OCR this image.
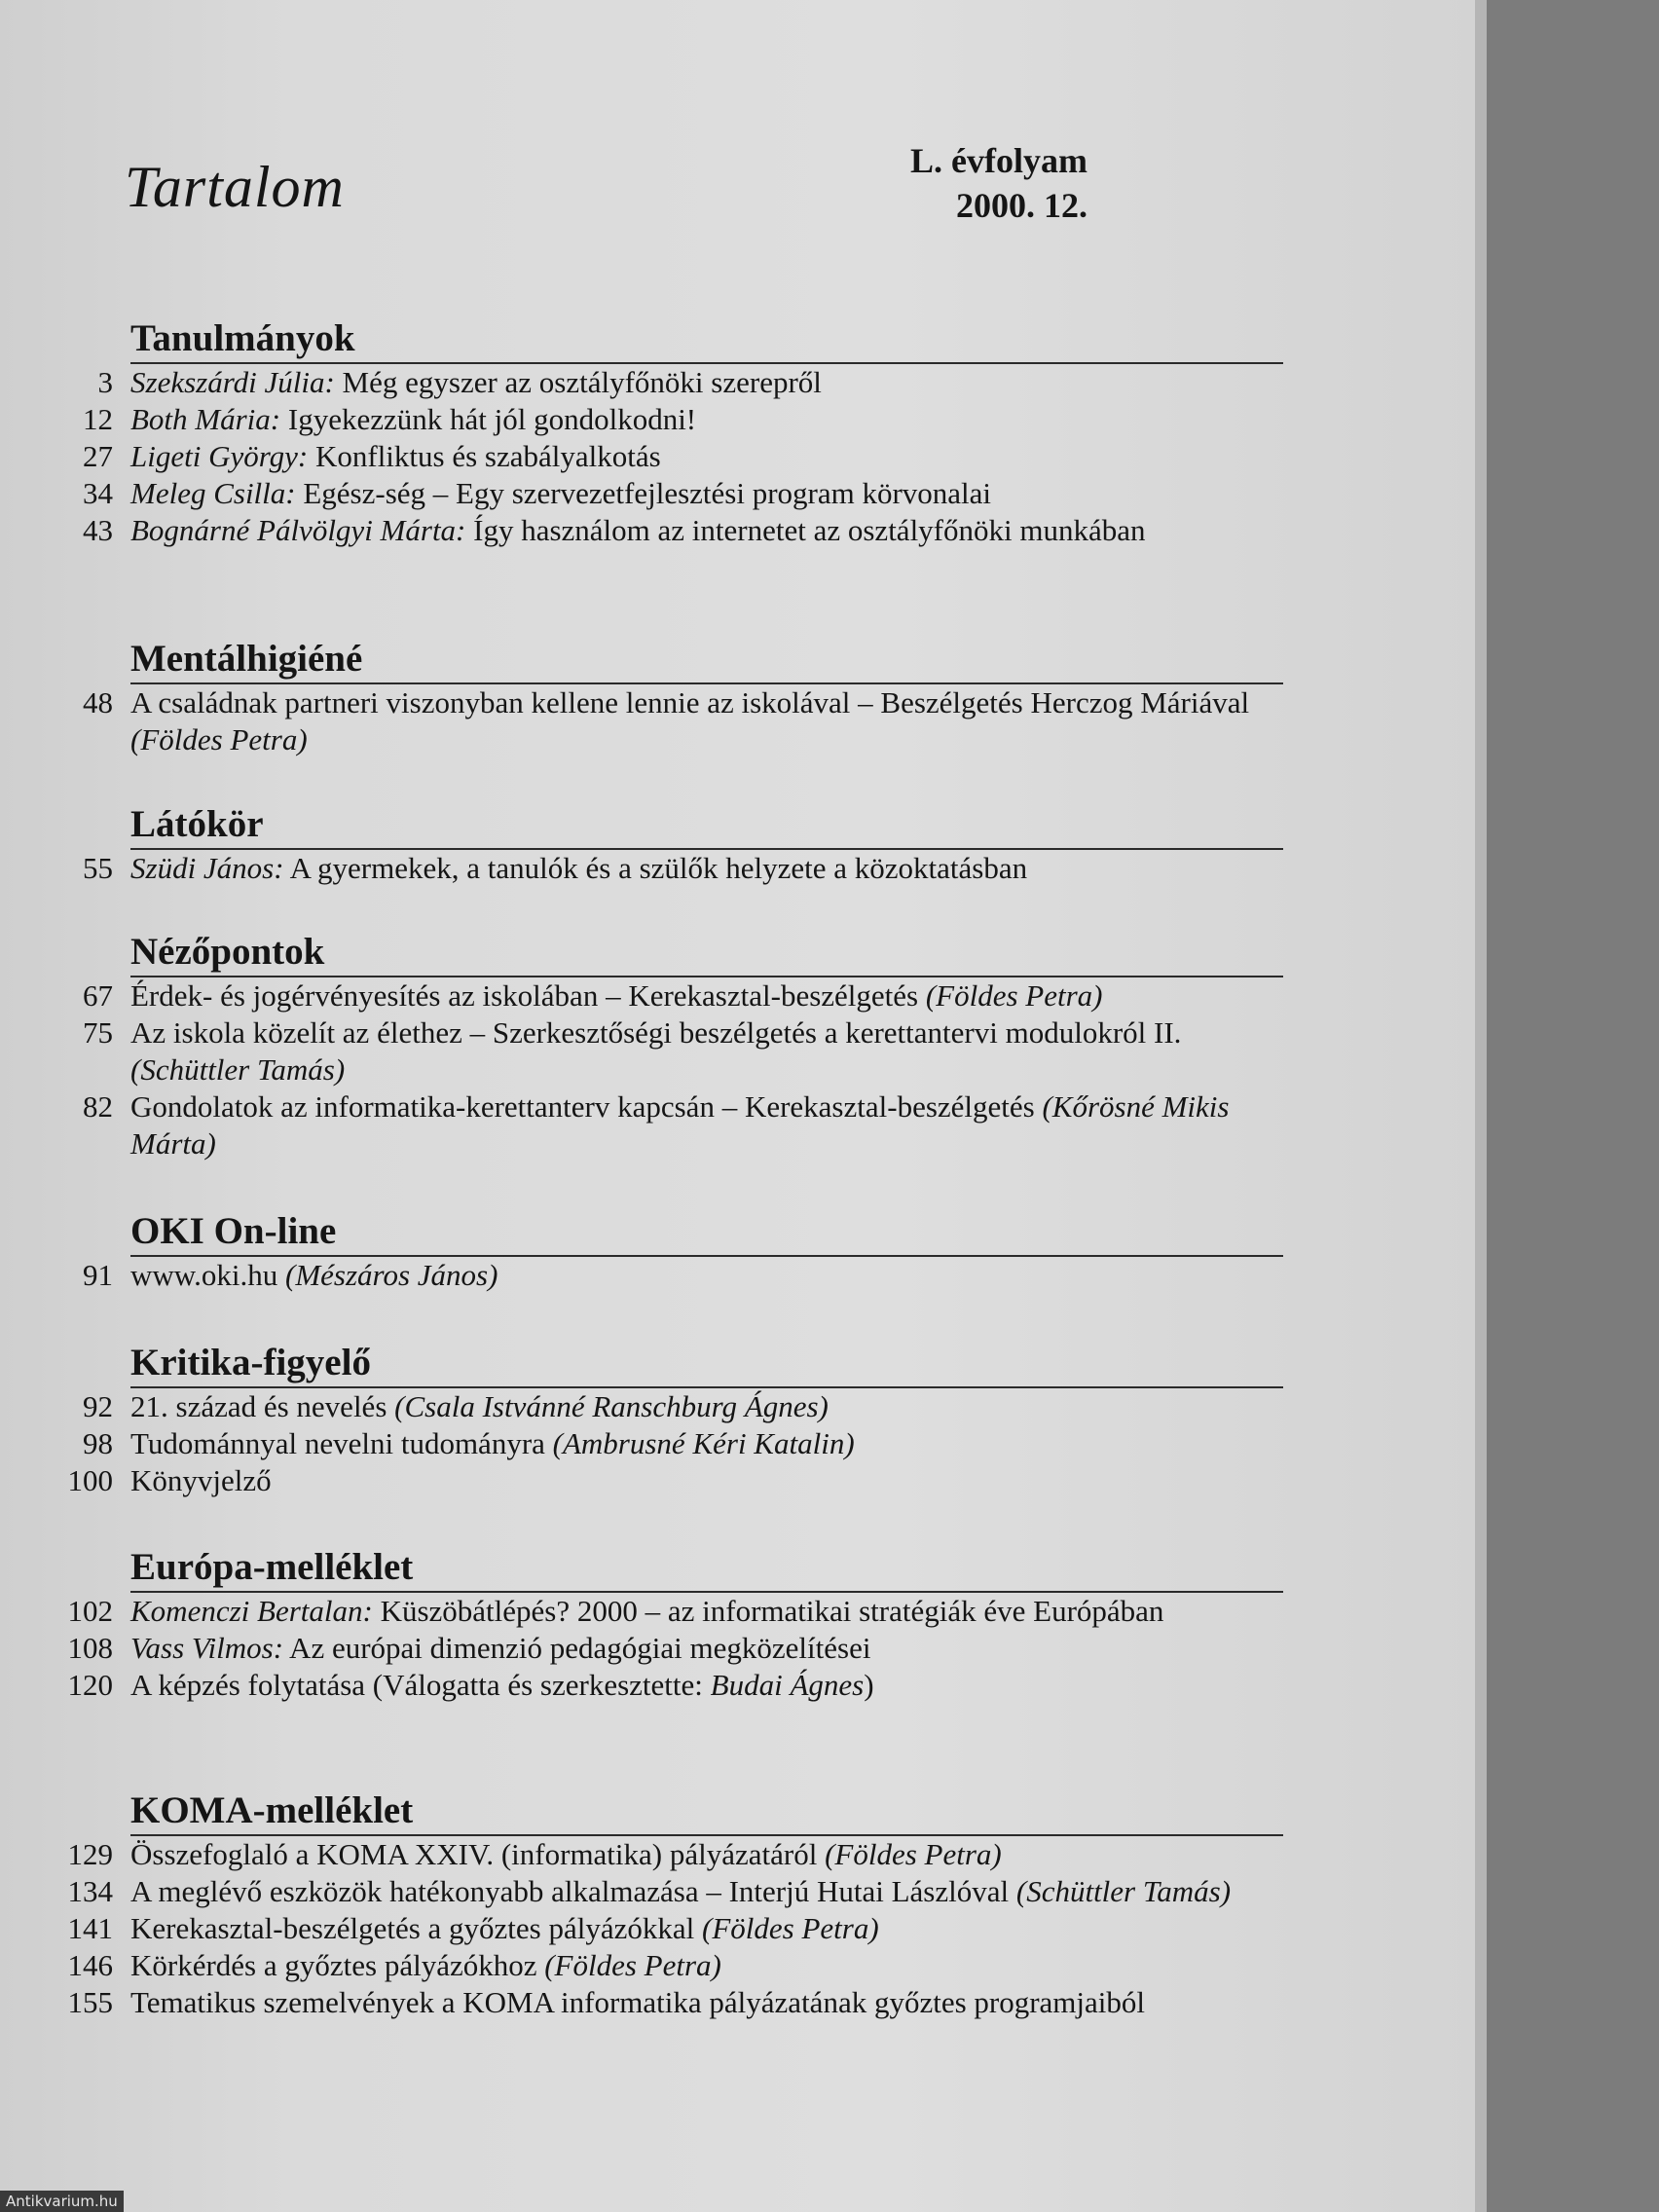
Tartalom	L. évfolyam
2000. 12.
Tanulmányok
3 Szekszárdi Júlia: Még egyszer az osztályfőnöki szerepről
12 Both Mária: Igyekezzünk hát jól gondolkodni!
27 Ligeti György: Konfliktus és szabályalkotás
34 Meleg Csilla: Egész-ség – Egy szervezetfejlesztési program körvonalai
43 Bognárné Pálvölgyi Márta: Így használom az internetet az osztályfőnöki munkában
Mentálhigiéné
48 A családnak partneri viszonyban kellene lennie az iskolával – Beszélgetés Herczog Máriával (Földes Petra)
Látókör
55 Szüdi János: A gyermekek, a tanulók és a szülők helyzete a közoktatásban
Nézőpontok
67 Érdek- és jogérvényesítés az iskolában – Kerekasztal-beszélgetés (Földes Petra)
75 Az iskola közelít az élethez – Szerkesztőségi beszélgetés a kerettantervi modulokról II. (Schüttler Tamás)
82 Gondolatok az informatika-kerettanterv kapcsán – Kerekasztal-beszélgetés (Kőrösné Mikis Márta)
OKI On-line
91 www.oki.hu (Mészáros János)
Kritika-figyelő
92 21. század és nevelés (Csala Istvánné Ranschburg Ágnes)
98 Tudománnyal nevelni tudományra (Ambrusné Kéri Katalin)
100 Könyvjelző
Európa-melléklet
102 Komenczi Bertalan: Küszöbátlépés? 2000 – az informatikai stratégiák éve Európában
108 Vass Vilmos: Az európai dimenzió pedagógiai megközelítései
120 A képzés folytatása (Válogatta és szerkesztette: Budai Ágnes)
KOMA-melléklet
129 Összefoglaló a KOMA XXIV. (informatika) pályázatáról (Földes Petra)
134 A meglévő eszközök hatékonyabb alkalmazása – Interjú Hutai Lászlóval (Schüttler Tamás)
141 Kerekasztal-beszélgetés a győztes pályázókkal (Földes Petra)
146 Körkérdés a győztes pályázókhoz (Földes Petra)
155 Tematikus szemelvények a KOMA informatika pályázatának győztes programjaiból
Antikvarium.hu
